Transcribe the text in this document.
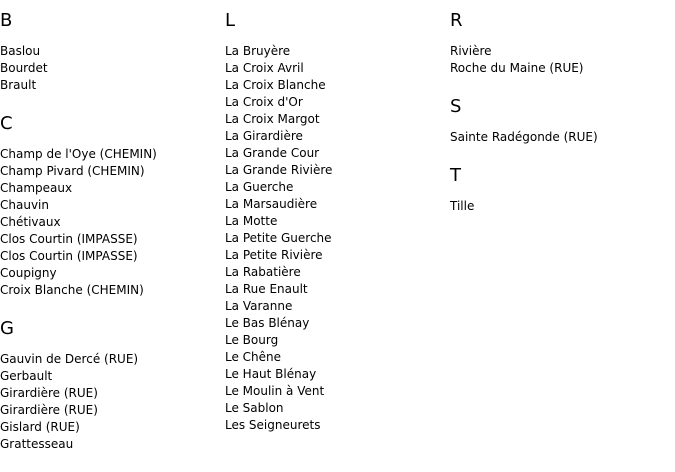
B
Baslou
Bourdet
Brault
C
Champ de l'Oye (CHEMIN)
Champ Pivard (CHEMIN)
Champeaux
Chauvin
Chétivaux
Clos Courtin (IMPASSE)
Clos Courtin (IMPASSE)
Coupigny
Croix Blanche (CHEMIN)
G
Gauvin de Dercé (RUE)
Gerbault
Girardière (RUE)
Girardière (RUE)
Gislard (RUE)
Grattesseau
L
La Bruyère
La Croix Avril
La Croix Blanche
La Croix d'Or
La Croix Margot
La Girardière
La Grande Cour
La Grande Rivière
La Guerche
La Marsaudière
La Motte
La Petite Guerche
La Petite Rivière
La Rabatière
La Rue Enault
La Varanne
Le Bas Blénay
Le Bourg
Le Chêne
Le Haut Blénay
Le Moulin à Vent
Le Sablon
Les Seigneurets
R
Rivière
Roche du Maine (RUE)
S
Sainte Radégonde (RUE)
T
Tille
